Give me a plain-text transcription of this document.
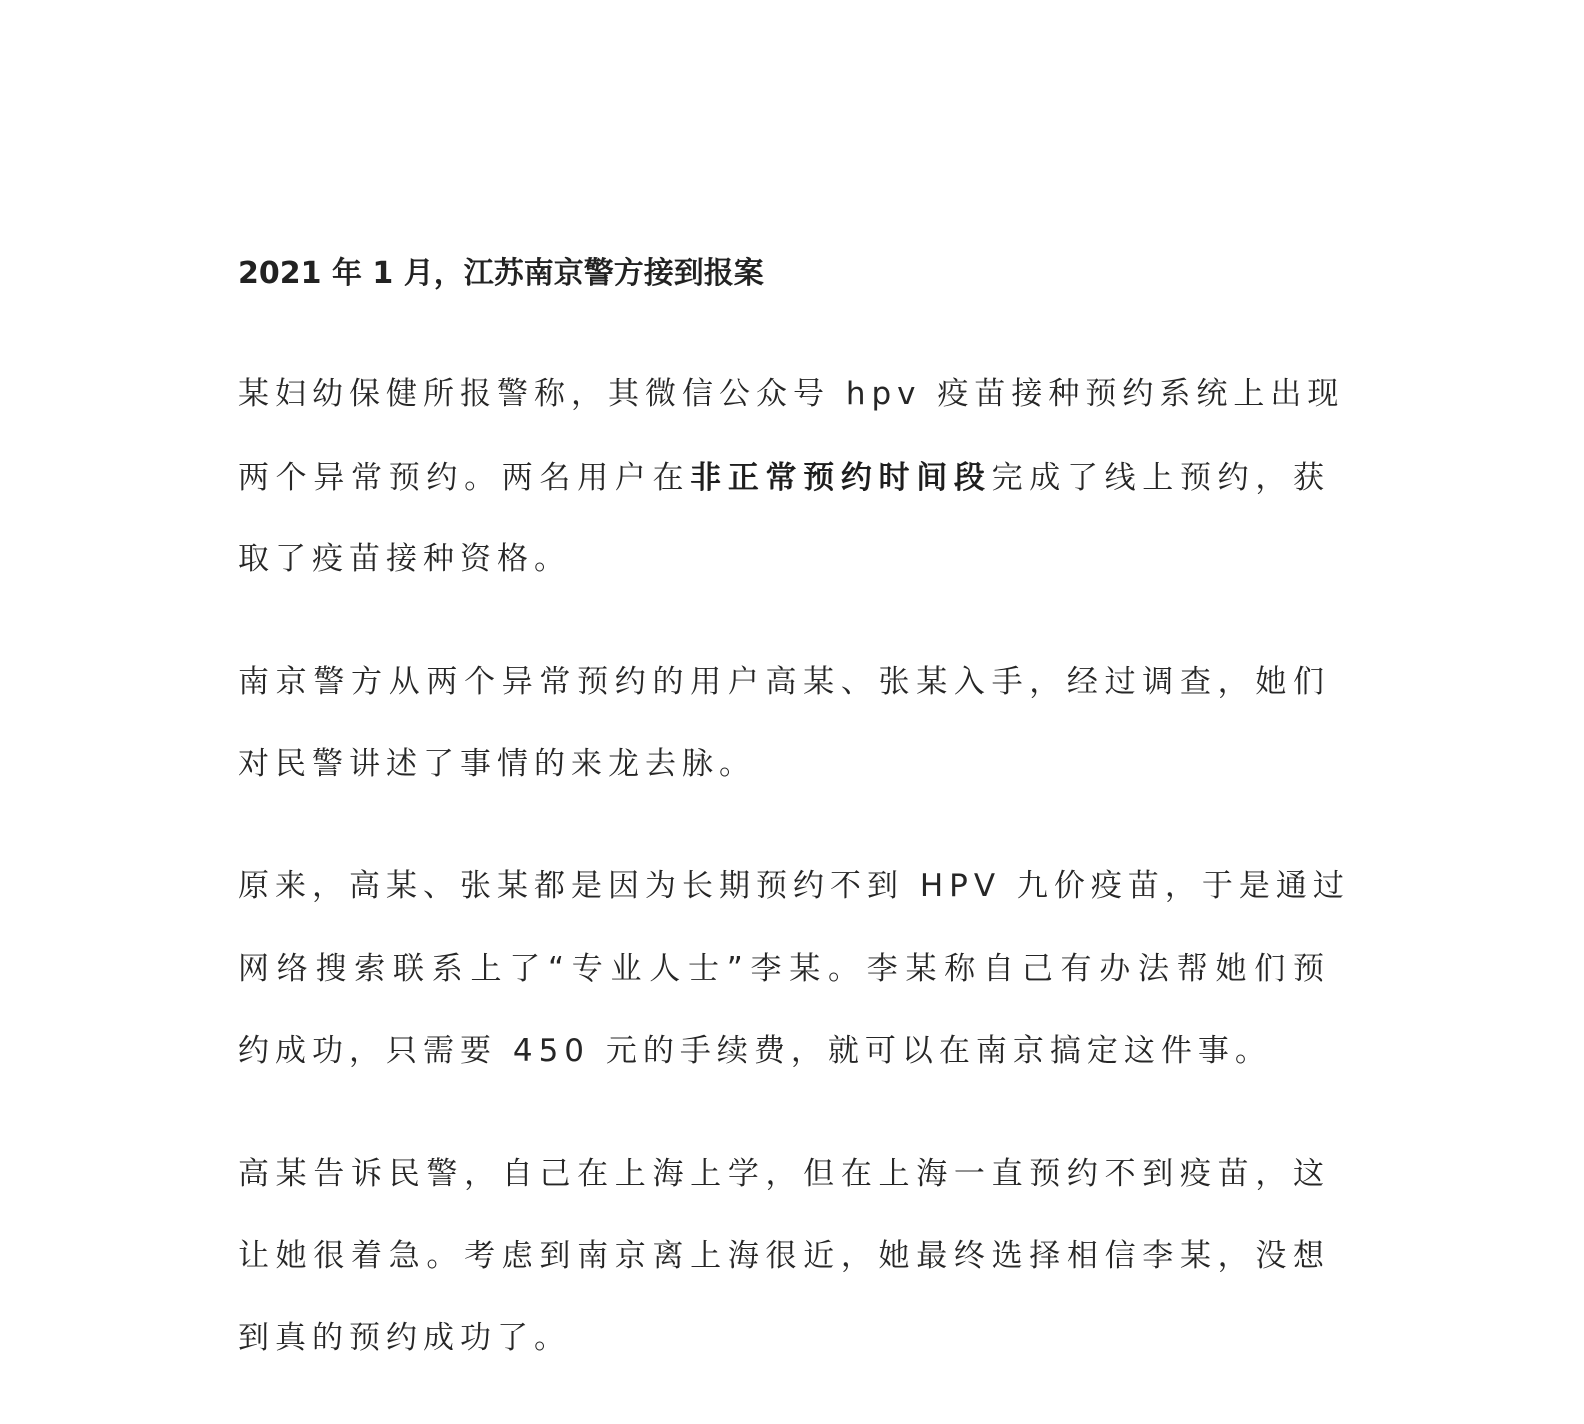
2021 年 1 月，江苏南京警方接到报案
某妇幼保健所报警称，其微信公众号 hpv 疫苗接种预约系统上出现
两个异常预约。两名用户在非正常预约时间段完成了线上预约，获
取了疫苗接种资格。
南京警方从两个异常预约的用户高某、张某入手，经过调查，她们
对民警讲述了事情的来龙去脉。
原来，高某、张某都是因为长期预约不到 HPV 九价疫苗，于是通过
网络搜索联系上了“专业人士”李某。李某称自己有办法帮她们预
约成功，只需要 450 元的手续费，就可以在南京搞定这件事。
高某告诉民警，自己在上海上学，但在上海一直预约不到疫苗，这
让她很着急。考虑到南京离上海很近，她最终选择相信李某，没想
到真的预约成功了。
